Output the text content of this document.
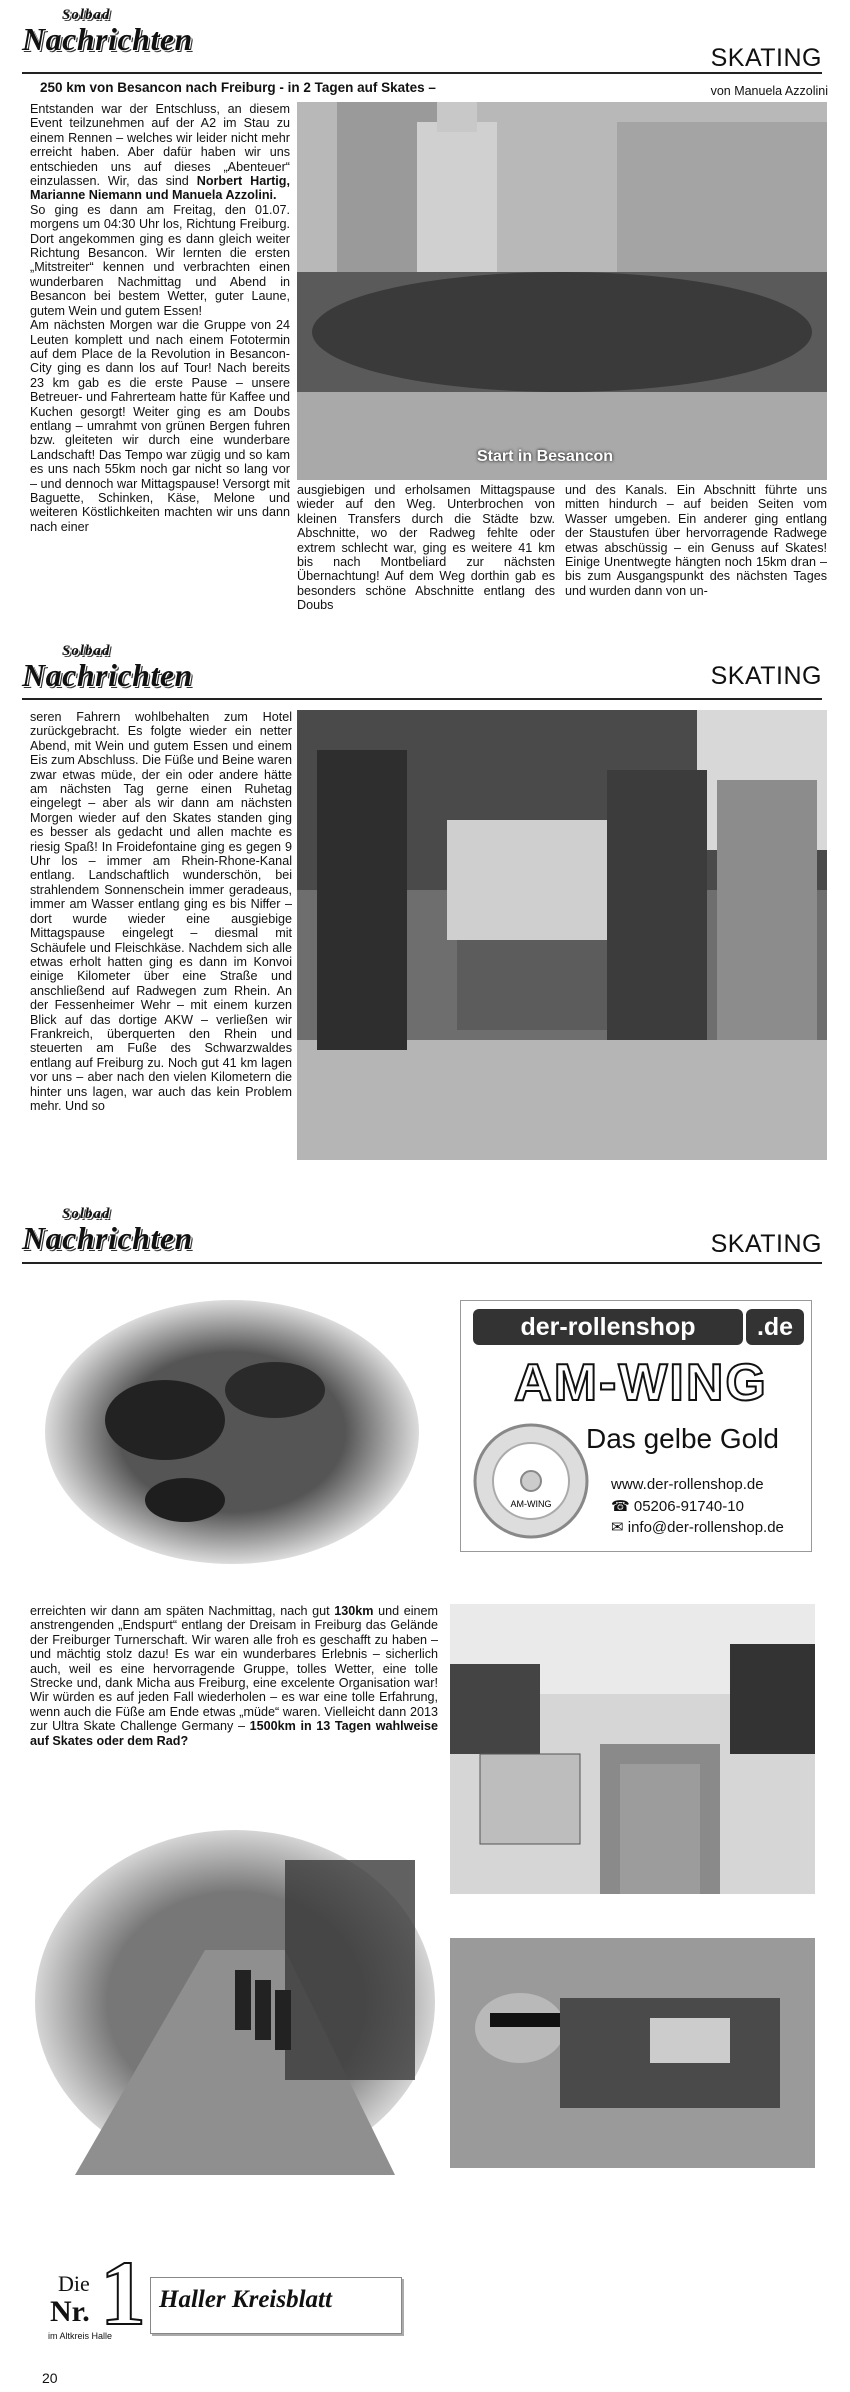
Solbad
Nachrichten
SKATING
250 km von Besancon nach Freiburg - in 2 Tagen auf Skates –	von Manuela Azzolini

Entstanden war der Entschluss, an diesem Event teilzunehmen auf der A2 im Stau zu einem Rennen – welches wir leider nicht mehr erreicht haben. Aber dafür haben wir uns entschieden uns auf dieses „Abenteuer“ einzulassen. Wir, das sind Norbert Hartig, Marianne Niemann und Manuela Azzolini.

So ging es dann am Freitag, den 01.07. morgens um 04:30 Uhr los, Richtung Freiburg. Dort angekommen ging es dann gleich weiter Richtung Besancon. Wir lernten die ersten „Mitstreiter“ kennen und verbrachten einen wunderbaren Nachmittag und Abend in Besancon bei bestem Wetter, guter Laune, gutem Wein und gutem Essen!

Am nächsten Morgen war die Gruppe von 24 Leuten komplett und nach einem Fototermin auf dem Place de la Revolution in Besancon-City ging es dann los auf Tour! Nach bereits 23 km gab es die erste Pause – unsere Betreuer- und Fahrerteam hatte für Kaffee und Kuchen gesorgt! Weiter ging es am Doubs entlang – umrahmt von grünen Bergen fuhren bzw. gleiteten wir durch eine wunderbare Landschaft! Das Tempo war zügig und so kam es uns nach 55km noch gar nicht so lang vor – und dennoch war Mittagspause! Versorgt mit Baguette, Schinken, Käse, Melone und weiteren Köstlichkeiten machten wir uns dann nach einer

Start in Besancon
ausgiebigen und erholsamen Mittagspause wieder auf den Weg. Unterbrochen von kleinen Transfers durch die Städte bzw. Abschnitte, wo der Radweg fehlte oder extrem schlecht war, ging es weitere 41 km bis nach Montbeliard zur nächsten Übernachtung! Auf dem Weg dorthin gab es besonders schöne Abschnitte entlang des Doubs
und des Kanals. Ein Abschnitt führte uns mitten hindurch – auf beiden Seiten vom Wasser umgeben. Ein anderer ging entlang der Staustufen über hervorragende Radwege etwas abschüssig – ein Genuss auf Skates! Einige Unentwegte hängten noch 15km dran – bis zum Ausgangspunkt des nächsten Tages und wurden dann von un-
Solbad
Nachrichten	SKATING
seren Fahrern wohlbehalten zum Hotel zurückgebracht. Es folgte wieder ein netter Abend, mit Wein und gutem Essen und einem Eis zum Abschluss. Die Füße und Beine waren zwar etwas müde, der ein oder andere hätte am nächsten Tag gerne einen Ruhetag eingelegt – aber als wir dann am nächsten Morgen wieder auf den Skates standen ging es besser als gedacht und allen machte es riesig Spaß! In Froidefontaine ging es gegen 9 Uhr los – immer am Rhein-Rhone-Kanal entlang. Landschaftlich wunderschön, bei strahlendem Sonnenschein immer geradeaus, immer am Wasser entlang ging es bis Niffer – dort wurde wieder eine ausgiebige Mittagspause eingelegt – diesmal mit Schäufele und Fleischkäse. Nachdem sich alle etwas erholt hatten ging es dann im Konvoi einige Kilometer über eine Straße und anschließend auf Radwegen zum Rhein. An der Fessenheimer Wehr – mit einem kurzen Blick auf das dortige AKW – verließen wir Frankreich, überquerten den Rhein und steuerten am Fuße des Schwarzwaldes entlang auf Freiburg zu. Noch gut 41 km lagen vor uns – aber nach den vielen Kilometern die hinter uns lagen, war auch das kein Problem mehr. Und so
Solbad
Nachrichten	SKATING
der-rollenshop	.de
AM-WING
Das gelbe Gold
AM-WING
www.der-rollenshop.de
☎ 05206-91740-10
✉ info@der-rollenshop.de

erreichten wir dann am späten Nachmittag, nach gut 130km und einem anstrengenden „Endspurt“ entlang der Dreisam in Freiburg das Gelände der Freiburger Turnerschaft. Wir waren alle froh es geschafft zu haben – und mächtig stolz dazu! Es war ein wunderbares Erlebnis – sicherlich auch, weil es eine hervorragende Gruppe, tolles Wetter, eine tolle Strecke und, dank Micha aus Freiburg, eine excelente Organisation war! Wir würden es auf jeden Fall wiederholen – es war eine tolle Erfahrung, wenn auch die Füße am Ende etwas „müde“ waren. Vielleicht dann 2013 zur Ultra Skate Challenge Germany – 1500km in 13 Tagen wahlweise auf Skates oder dem Rad?

Die
Nr. 1
im Altkreis Halle
Haller Kreisblatt
20
